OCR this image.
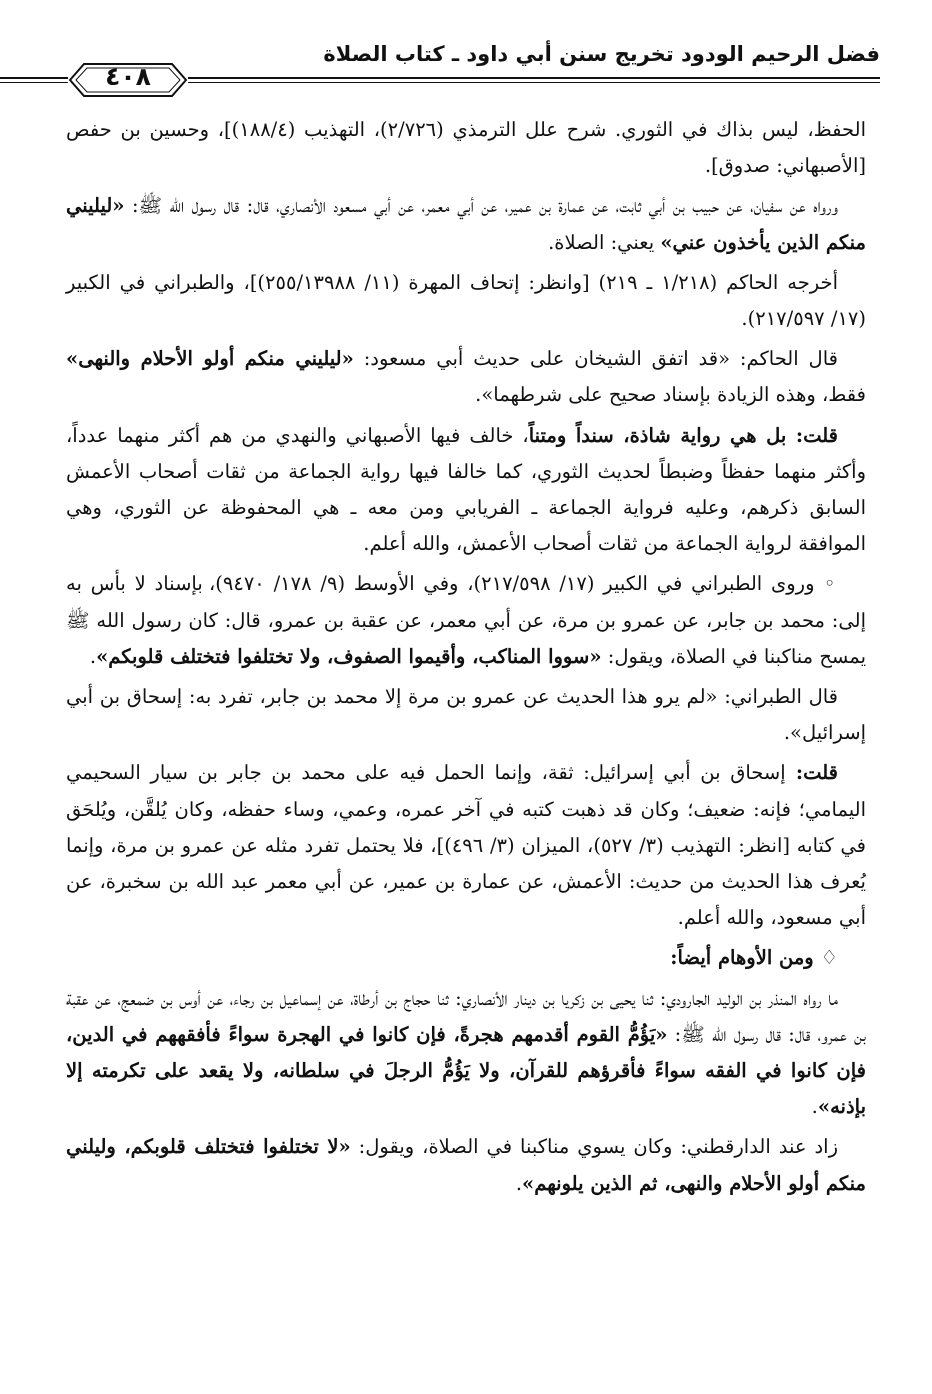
فضل الرحيم الودود تخريج سنن أبي داود ـ كتاب الصلاة
٤٠٨

الحفظ، ليس بذاك في الثوري. شرح علل الترمذي (٢/٧٢٦)، التهذيب (١٨٨/٤)]، وحسين بن حفص [الأصبهاني: صدوق].

ورواه عن سفيان، عن حبيب بن أبي ثابت، عن عمارة بن عمير، عن أبي معمر، عن أبي مسعود الأنصاري، قال: قال رسول الله ﷺ: «ليليني منكم الذين يأخذون عني» يعني: الصلاة.

أخرجه الحاكم (١/٢١٨ ـ ٢١٩) [وانظر: إتحاف المهرة (١١/ ٢٥٥/١٣٩٨٨)]، والطبراني في الكبير (١٧/ ٢١٧/٥٩٧).

قال الحاكم: «قد اتفق الشيخان على حديث أبي مسعود: «ليليني منكم أولو الأحلام والنهى» فقط، وهذه الزيادة بإسناد صحيح على شرطهما».

قلت: بل هي رواية شاذة، سنداً ومتناً، خالف فيها الأصبهاني والنهدي من هم أكثر منهما عدداً، وأكثر منهما حفظاً وضبطاً لحديث الثوري، كما خالفا فيها رواية الجماعة من ثقات أصحاب الأعمش السابق ذكرهم، وعليه فرواية الجماعة ـ الفريابي ومن معه ـ هي المحفوظة عن الثوري، وهي الموافقة لرواية الجماعة من ثقات أصحاب الأعمش، والله أعلم.

◦ وروى الطبراني في الكبير (١٧/ ٢١٧/٥٩٨)، وفي الأوسط (٩/ ١٧٨/ ٩٤٧٠)، بإسناد لا بأس به إلى: محمد بن جابر، عن عمرو بن مرة، عن أبي معمر، عن عقبة بن عمرو، قال: كان رسول الله ﷺ يمسح مناكبنا في الصلاة، ويقول: «سووا المناكب، وأقيموا الصفوف، ولا تختلفوا فتختلف قلوبكم».

قال الطبراني: «لم يرو هذا الحديث عن عمرو بن مرة إلا محمد بن جابر، تفرد به: إسحاق بن أبي إسرائيل».

قلت: إسحاق بن أبي إسرائيل: ثقة، وإنما الحمل فيه على محمد بن جابر بن سيار السحيمي اليمامي؛ فإنه: ضعيف؛ وكان قد ذهبت كتبه في آخر عمره، وعمي، وساء حفظه، وكان يُلقَّن، ويُلحَق في كتابه [انظر: التهذيب (٣/ ٥٢٧)، الميزان (٣/ ٤٩٦)]، فلا يحتمل تفرد مثله عن عمرو بن مرة، وإنما يُعرف هذا الحديث من حديث: الأعمش، عن عمارة بن عمير، عن أبي معمر عبد الله بن سخبرة، عن أبي مسعود، والله أعلم.

♢ ومن الأوهام أيضاً:

ما رواه المنذر بن الوليد الجارودي: ثنا يحيى بن زكريا بن دينار الأنصاري: ثنا حجاج بن أرطاة، عن إسماعيل بن رجاء، عن أوس بن ضمعج، عن عقبة بن عمرو، قال: قال رسول الله ﷺ: «يَؤُمُّ القوم أقدمهم هجرةً، فإن كانوا في الهجرة سواءً فأفقههم في الدين، فإن كانوا في الفقه سواءً فأقرؤهم للقرآن، ولا يَؤُمُّ الرجلَ في سلطانه، ولا يقعد على تكرمته إلا بإذنه».

زاد عند الدارقطني: وكان يسوي مناكبنا في الصلاة، ويقول: «لا تختلفوا فتختلف قلوبكم، وليلني منكم أولو الأحلام والنهى، ثم الذين يلونهم».
